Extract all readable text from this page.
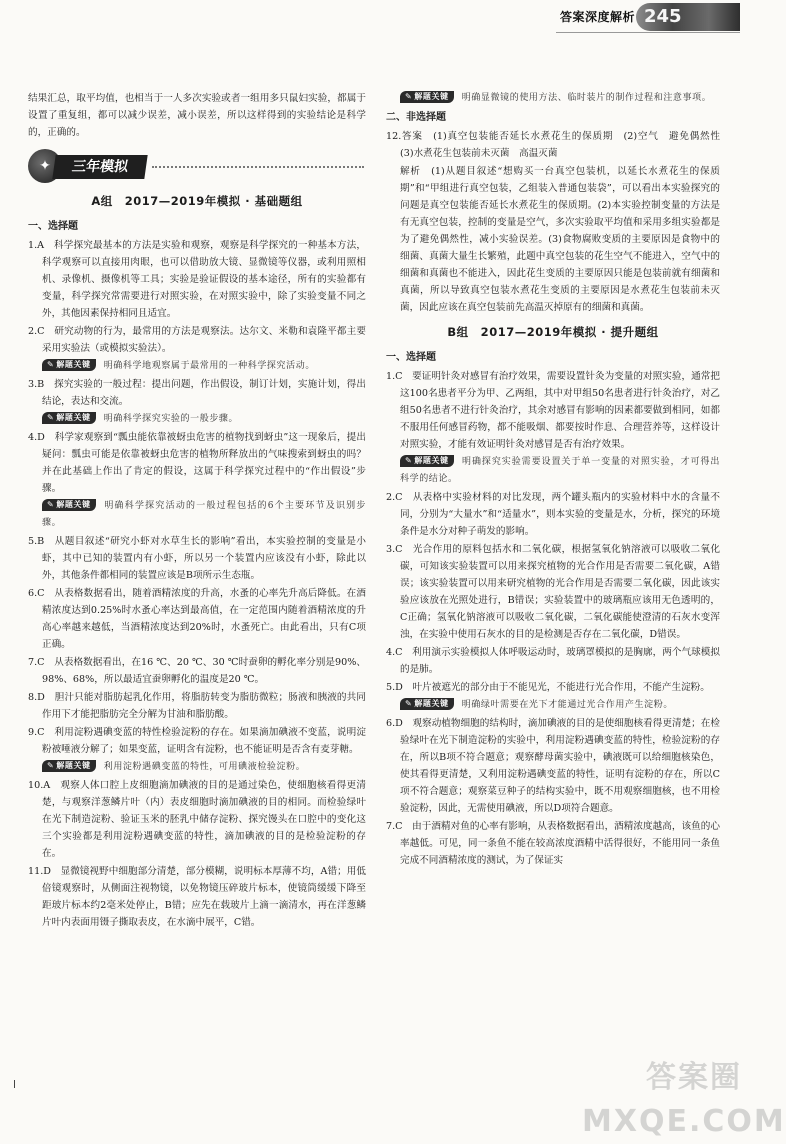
答案深度解析 245

结果汇总，取平均值，也相当于一人多次实验或者一组用多只鼠妇实验，都属于设置了重复组，都可以减少误差，减小误差，所以这样得到的实验结论是科学的，正确的。

✦	三年模拟
A组　2017—2019年模拟 · 基础题组
一、选择题

1.A　科学探究最基本的方法是实验和观察，观察是科学探究的一种基本方法，科学观察可以直接用肉眼，也可以借助放大镜、显微镜等仪器，或利用照相机、录像机、摄像机等工具；实验是验证假设的基本途径，所有的实验都有变量，科学探究常需要进行对照实验，在对照实验中，除了实验变量不同之外，其他因素保持相同且适宜。

2.C　研究动物的行为，最常用的方法是观察法。达尔文、米勒和袁隆平都主要采用实验法（或模拟实验法）。

✎ 解题关键 明确科学地观察属于最常用的一种科学探究活动。

3.B　探究实验的一般过程：提出问题，作出假设，制订计划，实施计划，得出结论，表达和交流。

✎ 解题关键 明确科学探究实验的一般步骤。

4.D　科学家观察到“瓢虫能依靠被蚜虫危害的植物找到蚜虫”这一现象后，提出疑问：瓢虫可能是依靠被蚜虫危害的植物所释放出的气味搜索到蚜虫的吗？并在此基础上作出了肯定的假设，这属于科学探究过程中的“作出假设”步骤。

✎ 解题关键 明确科学探究活动的一般过程包括的6个主要环节及识别步骤。

5.B　从题目叙述“研究小虾对水草生长的影响”看出，本实验控制的变量是小虾，其中已知的装置内有小虾，所以另一个装置内应该没有小虾，除此以外，其他条件都相同的装置应该是B项所示生态瓶。

6.C　从表格数据看出，随着酒精浓度的升高，水蚤的心率先升高后降低。在酒精浓度达到0.25%时水蚤心率达到最高值，在一定范围内随着酒精浓度的升高心率越来越低，当酒精浓度达到20%时，水蚤死亡。由此看出，只有C项正确。

7.C　从表格数据看出，在16 ℃、20 ℃、30 ℃时蚕卵的孵化率分别是90%、98%、68%，所以最适宜蚕卵孵化的温度是20 ℃。

8.D　胆汁只能对脂肪起乳化作用，将脂肪转变为脂肪微粒；肠液和胰液的共同作用下才能把脂肪完全分解为甘油和脂肪酸。

9.C　利用淀粉遇碘变蓝的特性检验淀粉的存在。如果滴加碘液不变蓝，说明淀粉被唾液分解了；如果变蓝，证明含有淀粉，也不能证明是否含有麦芽糖。

✎ 解题关键 利用淀粉遇碘变蓝的特性，可用碘液检验淀粉。

10.A　观察人体口腔上皮细胞滴加碘液的目的是通过染色，使细胞核看得更清楚，与观察洋葱鳞片叶（内）表皮细胞时滴加碘液的目的相同。而检验绿叶在光下制造淀粉、验证玉米的胚乳中储存淀粉、探究馒头在口腔中的变化这三个实验都是利用淀粉遇碘变蓝的特性，滴加碘液的目的是检验淀粉的存在。

11.D　显微镜视野中细胞部分清楚，部分模糊，说明标本厚薄不均，A错；用低倍镜观察时，从侧面注视物镜，以免物镜压碎玻片标本，使镜筒缓缓下降至距玻片标本约2毫米处停止，B错；应先在载玻片上滴一滴清水，再在洋葱鳞片叶内表面用镊子撕取表皮，在水滴中展平，C错。

✎ 解题关键 明确显微镜的使用方法、临时装片的制作过程和注意事项。

二、非选择题

12.答案　(1)真空包装能否延长水煮花生的保质期　(2)空气　避免偶然性　(3)水煮花生包装前未灭菌　高温灭菌

解析　(1)从题目叙述“想购买一台真空包装机，以延长水煮花生的保质期”和“甲组进行真空包装，乙组装入普通包装袋”，可以看出本实验探究的问题是真空包装能否延长水煮花生的保质期。(2)本实验控制变量的方法是有无真空包装，控制的变量是空气，多次实验取平均值和采用多组实验都是为了避免偶然性，减小实验误差。(3)食物腐败变质的主要原因是食物中的细菌、真菌大量生长繁殖，此题中真空包装的花生空气不能进入，空气中的细菌和真菌也不能进入，因此花生变质的主要原因只能是包装前就有细菌和真菌，所以导致真空包装水煮花生变质的主要原因是水煮花生包装前未灭菌，因此应该在真空包装前先高温灭掉原有的细菌和真菌。

B组　2017—2019年模拟 · 提升题组
一、选择题

1.C　要证明针灸对感冒有治疗效果，需要设置针灸为变量的对照实验，通常把这100名患者平分为甲、乙两组，其中对甲组50名患者进行针灸治疗，对乙组50名患者不进行针灸治疗，其余对感冒有影响的因素都要做到相同，如都不服用任何感冒药物，都不能吸烟、都要按时作息、合理营养等，这样设计对照实验，才能有效证明针灸对感冒是否有治疗效果。

✎ 解题关键 明确探究实验需要设置关于单一变量的对照实验，才可得出科学的结论。

2.C　从表格中实验材料的对比发现，两个罐头瓶内的实验材料中水的含量不同，分别为“大量水”和“适量水”，则本实验的变量是水，分析，探究的环境条件是水分对种子萌发的影响。

3.C　光合作用的原料包括水和二氧化碳，根据氢氧化钠溶液可以吸收二氧化碳，可知该实验装置可以用来探究植物的光合作用是否需要二氧化碳，A错误；该实验装置可以用来研究植物的光合作用是否需要二氧化碳，因此该实验应该放在光照处进行，B错误；实验装置中的玻璃瓶应该用无色透明的，C正确；氢氧化钠溶液可以吸收二氧化碳，二氧化碳能使澄清的石灰水变浑浊，在实验中使用石灰水的目的是检测是否存在二氧化碳，D错误。

4.C　利用演示实验模拟人体呼吸运动时，玻璃罩模拟的是胸廓，两个气球模拟的是肺。

5.D　叶片被遮光的部分由于不能见光，不能进行光合作用，不能产生淀粉。

✎ 解题关键 明确绿叶需要在光下才能通过光合作用产生淀粉。

6.D　观察动植物细胞的结构时，滴加碘液的目的是使细胞核看得更清楚；在检验绿叶在光下制造淀粉的实验中，利用淀粉遇碘变蓝的特性，检验淀粉的存在，所以B项不符合题意；观察酵母菌实验中，碘液既可以给细胞核染色，使其看得更清楚，又利用淀粉遇碘变蓝的特性，证明有淀粉的存在，所以C项不符合题意；观察菜豆种子的结构实验中，既不用观察细胞核，也不用检验淀粉，因此，无需使用碘液，所以D项符合题意。

7.C　由于酒精对鱼的心率有影响，从表格数据看出，酒精浓度越高，该鱼的心率越低。可见，同一条鱼不能在较高浓度酒精中活得很好，不能用同一条鱼完成不同酒精浓度的测试，为了保证实

答案圈 MXQE.COM
